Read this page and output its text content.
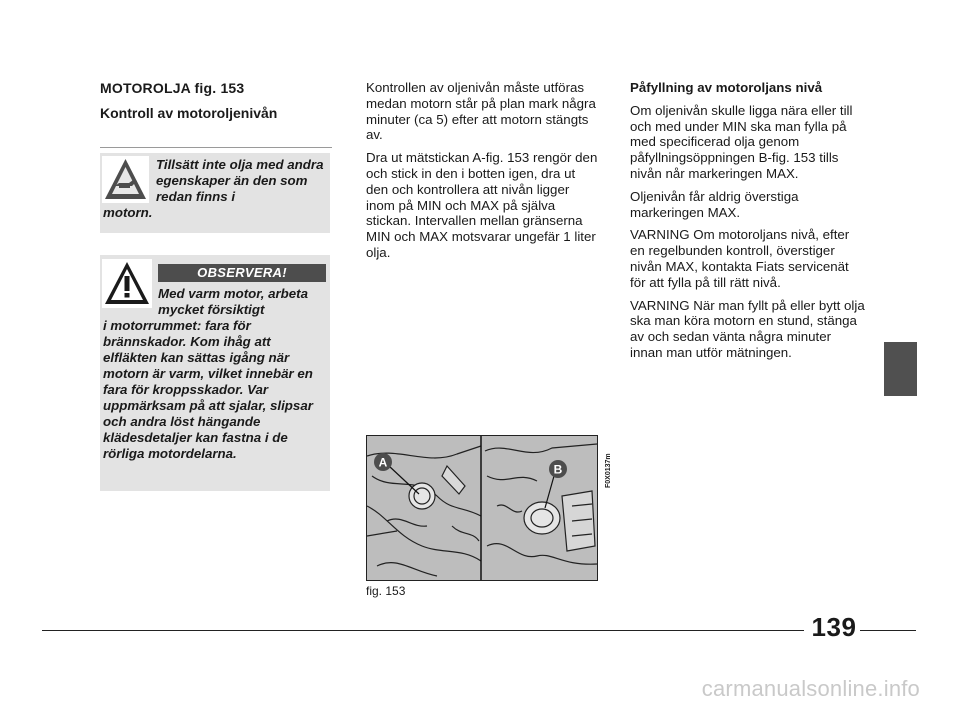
MOTOROLJA fig. 153

Kontroll av motoroljenivån

Tillsätt inte olja med andra egenskaper än den som redan finns i
motorn.
OBSERVERA!
Med varm motor, arbeta mycket försiktigt
i motorrummet: fara för brännskador. Kom ihåg att elfläkten kan sättas igång när motorn är varm, vilket innebär en fara för kroppsskador. Var uppmärksam på att sjalar, slipsar och andra löst hängande klädesdetaljer kan fastna i de rörliga motordelarna.

Kontrollen av oljenivån måste utföras medan motorn står på plan mark några minuter (ca 5) efter att motorn stängts av.

Dra ut mätstickan A-fig. 153 rengör den och stick in den i botten igen, dra ut den och kontrollera att nivån ligger inom på MIN och MAX på själva stickan. Intervallen mellan gränserna MIN och MAX motsvarar ungefär 1 liter olja.

A	B	F0X0137m
fig. 153

Påfyllning av motoroljans nivå

Om oljenivån skulle ligga nära eller till och med under MIN ska man fylla på med specificerad olja genom påfyllningsöppningen B-fig. 153 tills nivån når markeringen MAX.

Oljenivån får aldrig överstiga markeringen MAX.

VARNING Om motoroljans nivå, efter en regelbunden kontroll, överstiger nivån MAX, kontakta Fiats servicenät för att fylla på till rätt nivå.

VARNING När man fyllt på eller bytt olja ska man köra motorn en stund, stänga av och sedan vänta några minuter innan man utför mätningen.

139
carmanualsonline.info
